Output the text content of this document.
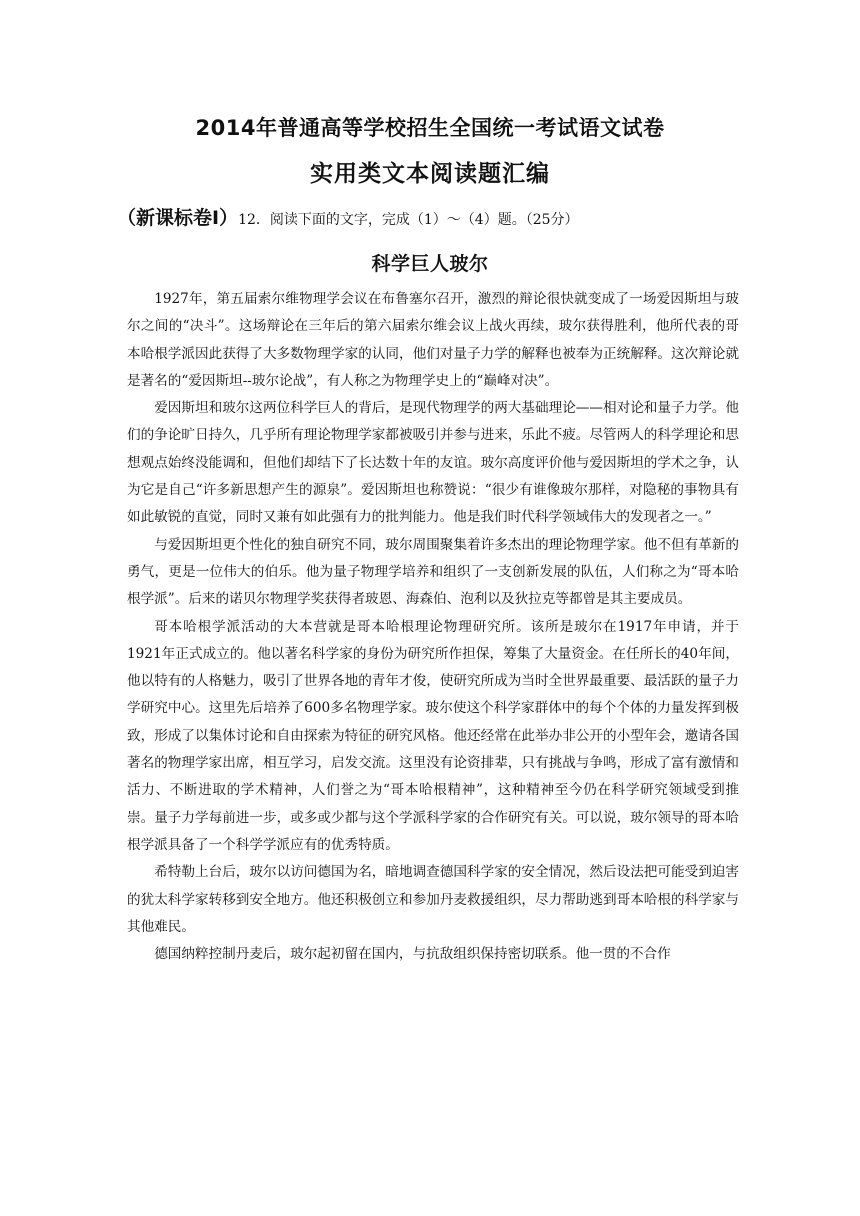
2014年普通高等学校招生全国统一考试语文试卷
实用类文本阅读题汇编
（新课标卷Ⅰ）12．阅读下面的文字，完成（1）～（4）题。（25分）
科学巨人玻尔

1927年，第五届索尔维物理学会议在布鲁塞尔召开，激烈的辩论很快就变成了一场爱因斯坦与玻尔之间的“决斗”。这场辩论在三年后的第六届索尔维会议上战火再续，玻尔获得胜利，他所代表的哥本哈根学派因此获得了大多数物理学家的认同，他们对量子力学的解释也被奉为正统解释。这次辩论就是著名的“爱因斯坦--玻尔论战”，有人称之为物理学史上的“巅峰对决”。

爱因斯坦和玻尔这两位科学巨人的背后，是现代物理学的两大基础理论——相对论和量子力学。他们的争论旷日持久，几乎所有理论物理学家都被吸引并参与进来，乐此不疲。尽管两人的科学理论和思想观点始终没能调和，但他们却结下了长达数十年的友谊。玻尔高度评价他与爱因斯坦的学术之争，认为它是自己“许多新思想产生的源泉”。爱因斯坦也称赞说：“很少有谁像玻尔那样，对隐秘的事物具有如此敏锐的直觉，同时又兼有如此强有力的批判能力。他是我们时代科学领域伟大的发现者之一。”

与爱因斯坦更个性化的独自研究不同，玻尔周围聚集着许多杰出的理论物理学家。他不但有革新的勇气，更是一位伟大的伯乐。他为量子物理学培养和组织了一支创新发展的队伍，人们称之为“哥本哈根学派”。后来的诺贝尔物理学奖获得者玻恩、海森伯、泡利以及狄拉克等都曾是其主要成员。

哥本哈根学派活动的大本营就是哥本哈根理论物理研究所。该所是玻尔在1917年申请，并于1921年正式成立的。他以著名科学家的身份为研究所作担保，筹集了大量资金。在任所长的40年间，他以特有的人格魅力，吸引了世界各地的青年才俊，使研究所成为当时全世界最重要、最活跃的量子力学研究中心。这里先后培养了600多名物理学家。玻尔使这个科学家群体中的每个个体的力量发挥到极致，形成了以集体讨论和自由探索为特征的研究风格。他还经常在此举办非公开的小型年会，邀请各国著名的物理学家出席，相互学习，启发交流。这里没有论资排辈，只有挑战与争鸣，形成了富有激情和活力、不断进取的学术精神，人们誉之为“哥本哈根精神”，这种精神至今仍在科学研究领域受到推崇。量子力学每前进一步，或多或少都与这个学派科学家的合作研究有关。可以说，玻尔领导的哥本哈根学派具备了一个科学学派应有的优秀特质。

希特勒上台后，玻尔以访问德国为名，暗地调查德国科学家的安全情况，然后设法把可能受到迫害的犹太科学家转移到安全地方。他还积极创立和参加丹麦救援组织，尽力帮助逃到哥本哈根的科学家与其他难民。

德国纳粹控制丹麦后，玻尔起初留在国内，与抗敌组织保持密切联系。他一贯的不合作
